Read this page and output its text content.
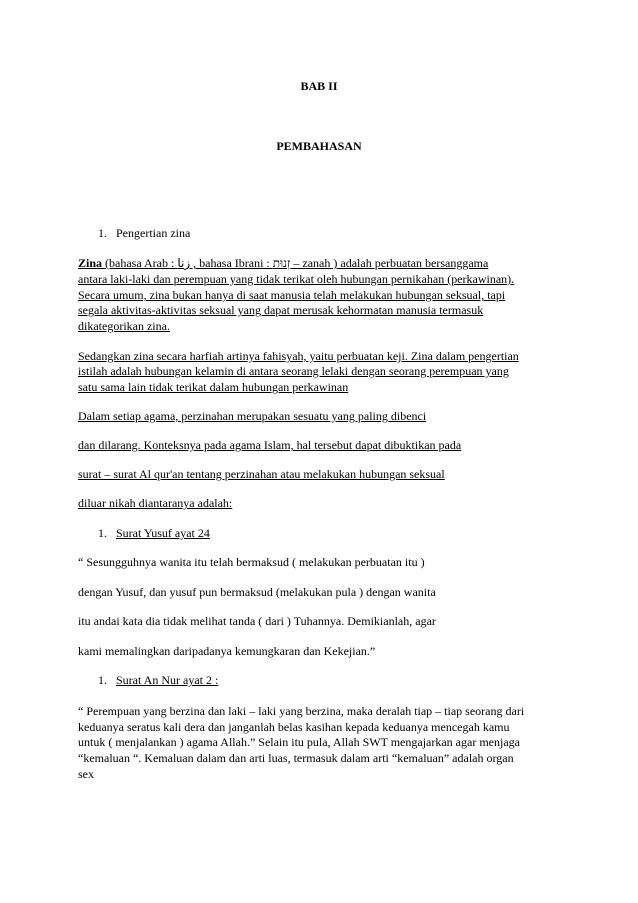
BAB II
PEMBAHASAN
1. Pengertian zina
Zina (bahasa Arab : زنا , bahasa Ibrani : זְנוּת – zanah ) adalah perbuatan bersanggama
antara laki-laki dan perempuan yang tidak terikat oleh hubungan pernikahan (perkawinan).
Secara umum, zina bukan hanya di saat manusia telah melakukan hubungan seksual, tapi
segala aktivitas-aktivitas seksual yang dapat merusak kehormatan manusia termasuk
dikategorikan zina.
Sedangkan zina secara harfiah artinya fahisyah, yaitu perbuatan keji. Zina dalam pengertian
istilah adalah hubungan kelamin di antara seorang lelaki dengan seorang perempuan yang
satu sama lain tidak terikat dalam hubungan perkawinan
Dalam setiap agama, perzinahan merupakan sesuatu yang paling dibenci
dan dilarang. Konteksnya pada agama Islam, hal tersebut dapat dibuktikan pada
surat – surat Al qur'an tentang perzinahan atau melakukan hubungan seksual
diluar nikah diantaranya adalah:
1. Surat Yusuf ayat 24
“ Sesungguhnya wanita itu telah bermaksud ( melakukan perbuatan itu )
dengan Yusuf, dan yusuf pun bermaksud (melakukan pula ) dengan wanita
itu andai kata dia tidak melihat tanda ( dari ) Tuhannya. Demikianlah, agar
kami memalingkan daripadanya kemungkaran dan Kekejian.”
1. Surat An Nur ayat 2 :
“ Perempuan yang berzina dan laki – laki yang berzina, maka deralah tiap – tiap seorang dari
keduanya seratus kali dera dan janganlah belas kasihan kepada keduanya mencegah kamu
untuk ( menjalankan ) agama Allah.” Selain itu pula, Allah SWT mengajarkan agar menjaga
“kemaluan “. Kemaluan dalam dan arti luas, termasuk dalam arti “kemaluan” adalah organ
sex
